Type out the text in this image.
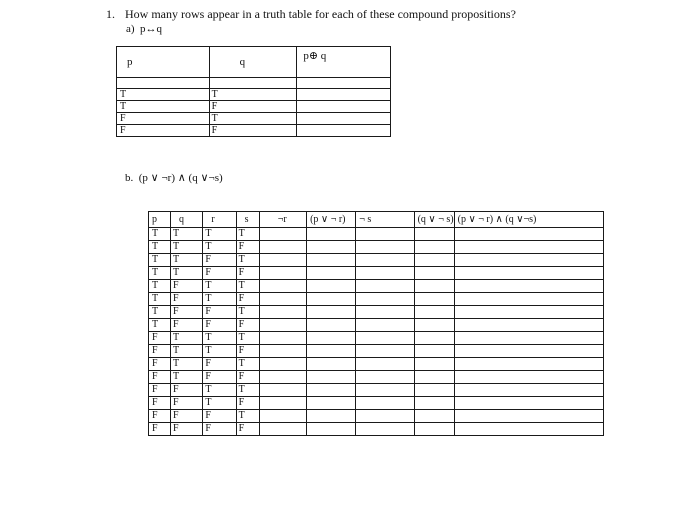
1. How many rows appear in a truth table for each of these compound propositions?
a) p↔q
p	q	p⊕ q

T	T	
T	F	
F	T	
F	F	
b. (p ∨ ¬r) ∧ (q ∨¬s)
p	q	r	s	¬r	(p ∨ ¬ r)	¬ s	(q ∨ ¬ s)	(p ∨ ¬ r) ∧ (q ∨¬s)
T	T	T	T					
T	T	T	F					
T	T	F	T					
T	T	F	F					
T	F	T	T					
T	F	T	F					
T	F	F	T					
T	F	F	F					
F	T	T	T					
F	T	T	F					
F	T	F	T					
F	T	F	F					
F	F	T	T					
F	F	T	F					
F	F	F	T					
F	F	F	F					
